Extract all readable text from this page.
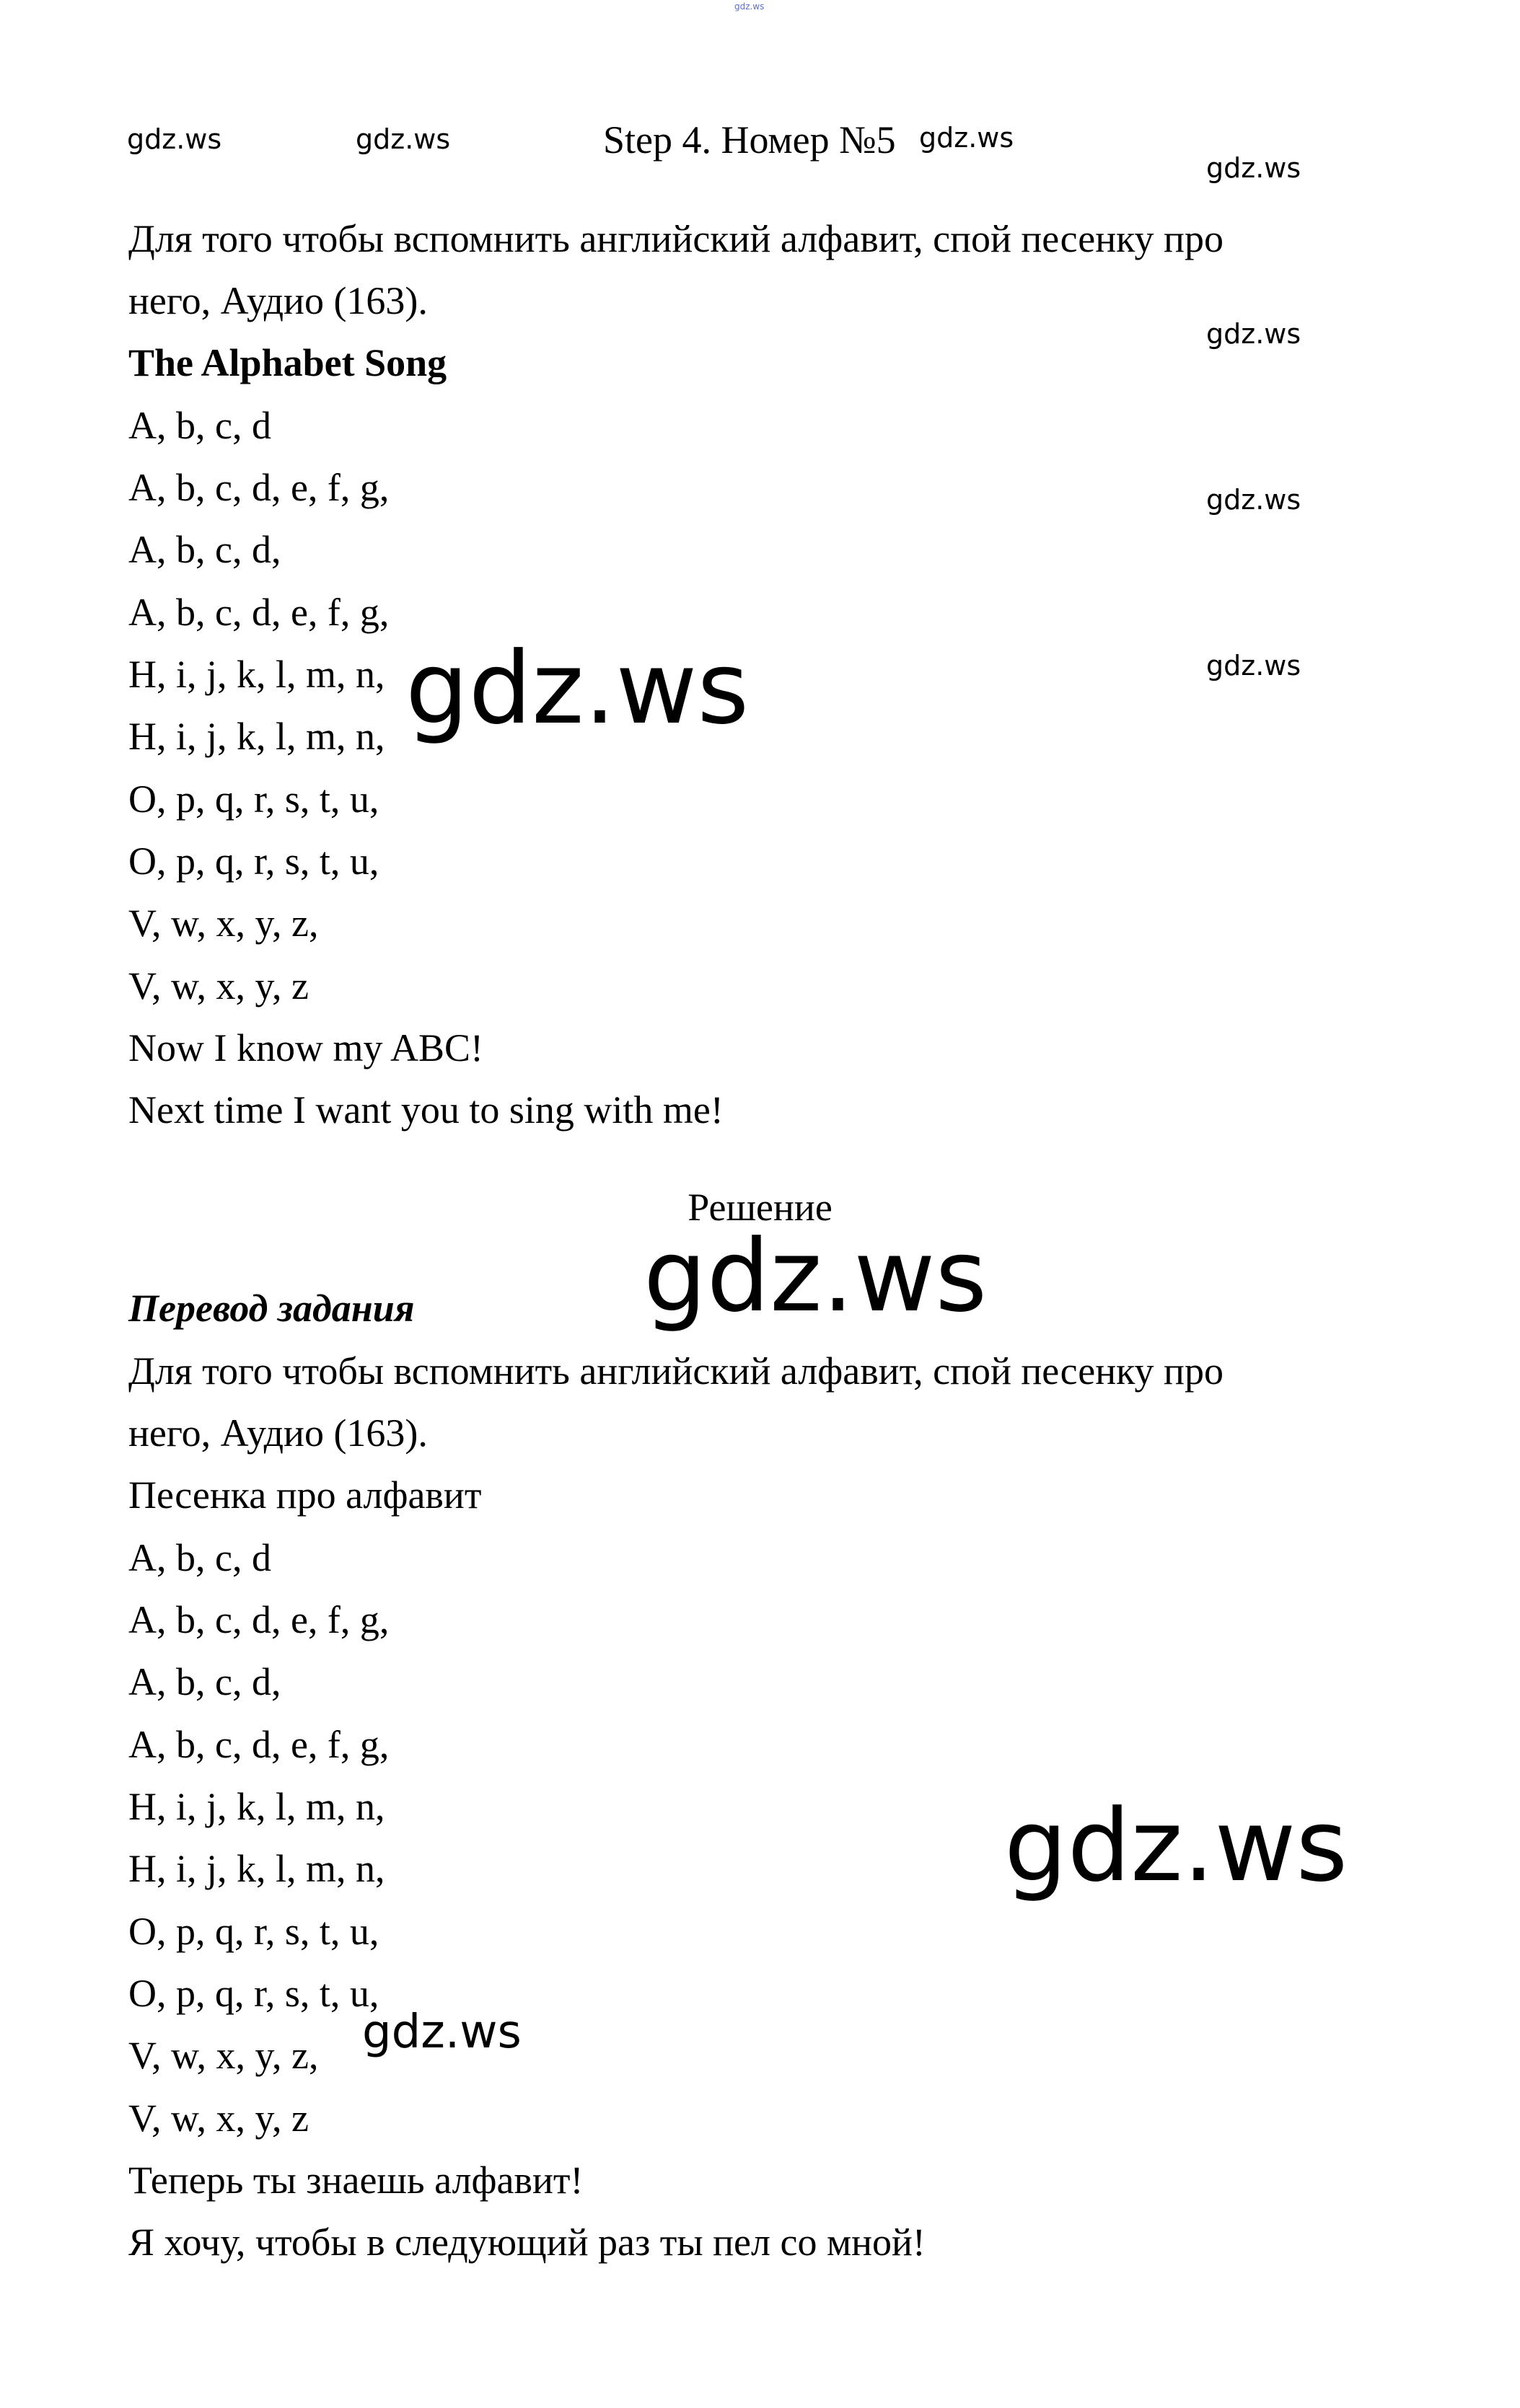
gdz.ws
gdz.ws	gdz.ws	Step 4. Номер №5 gdz.ws
gdz.ws
gdz.ws
gdz.ws
gdz.ws
Для того чтобы вспомнить английский алфавит, спой песенку про
него, Аудио (163).
The Alphabet Song
A, b, c, d
A, b, c, d, e, f, g,
A, b, c, d,
A, b, c, d, e, f, g,
H, i, j, k, l, m, n,
H, i, j, k, l, m, n,
O, p, q, r, s, t, u,
O, p, q, r, s, t, u,
V, w, x, y, z,
V, w, x, y, z
Now I know my ABC!
Next time I want you to sing with me!
gdz.ws
Решение
gdz.ws
Перевод задания
Для того чтобы вспомнить английский алфавит, спой песенку про
него, Аудио (163).
Песенка про алфавит
A, b, c, d
A, b, c, d, e, f, g,
A, b, c, d,
A, b, c, d, e, f, g,
H, i, j, k, l, m, n,
H, i, j, k, l, m, n,
O, p, q, r, s, t, u,
O, p, q, r, s, t, u,
V, w, x, y, z,
V, w, x, y, z
Теперь ты знаешь алфавит!
Я хочу, чтобы в следующий раз ты пел со мной!
gdz.ws
gdz.ws
